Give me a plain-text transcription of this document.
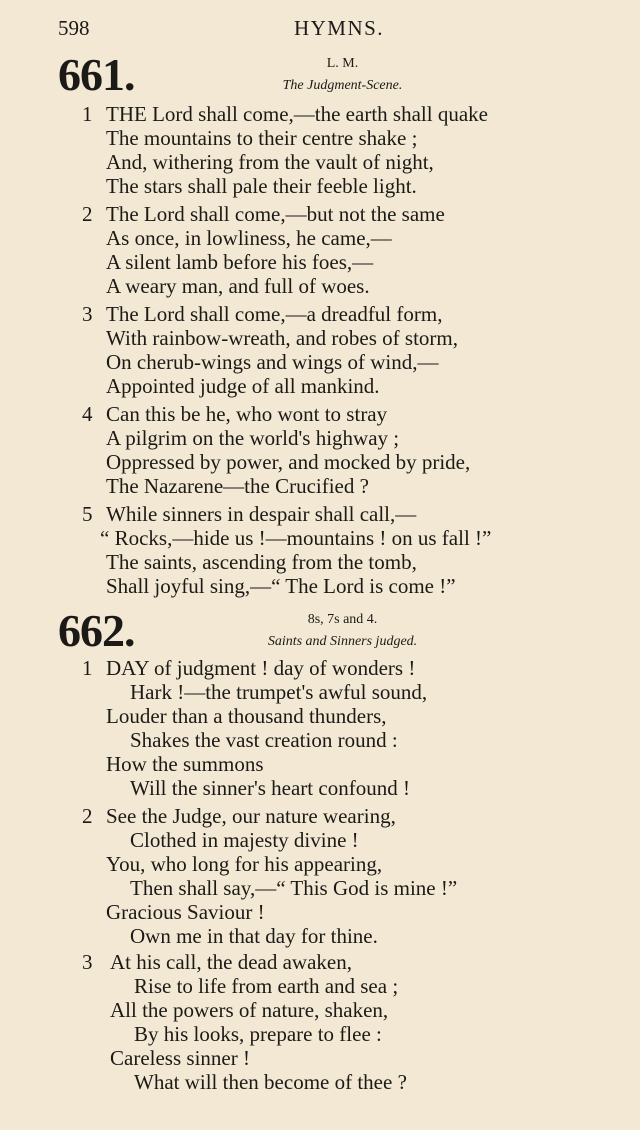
598	HYMNS.
661.	L. M.
The Judgment-Scene.
1 THE Lord shall come,—the earth shall quake
The mountains to their centre shake ;
And, withering from the vault of night,
The stars shall pale their feeble light.
2 The Lord shall come,—but not the same
As once, in lowliness, he came,—
A silent lamb before his foes,—
A weary man, and full of woes.
3 The Lord shall come,—a dreadful form,
With rainbow-wreath, and robes of storm,
On cherub-wings and wings of wind,—
Appointed judge of all mankind.
4 Can this be he, who wont to stray
A pilgrim on the world's highway ;
Oppressed by power, and mocked by pride,
The Nazarene—the Crucified ?
5 While sinners in despair shall call,—
“ Rocks,—hide us !—mountains ! on us fall !”
The saints, ascending from the tomb,
Shall joyful sing,—“ The Lord is come !”
662.	8s, 7s and 4.
Saints and Sinners judged.
1 DAY of judgment ! day of wonders !
Hark !—the trumpet's awful sound,
Louder than a thousand thunders,
Shakes the vast creation round :
How the summons
Will the sinner's heart confound !
2 See the Judge, our nature wearing,
Clothed in majesty divine !
You, who long for his appearing,
Then shall say,—“ This God is mine !”
Gracious Saviour !
Own me in that day for thine.
3 At his call, the dead awaken,
Rise to life from earth and sea ;
All the powers of nature, shaken,
By his looks, prepare to flee :
Careless sinner !
What will then become of thee ?
